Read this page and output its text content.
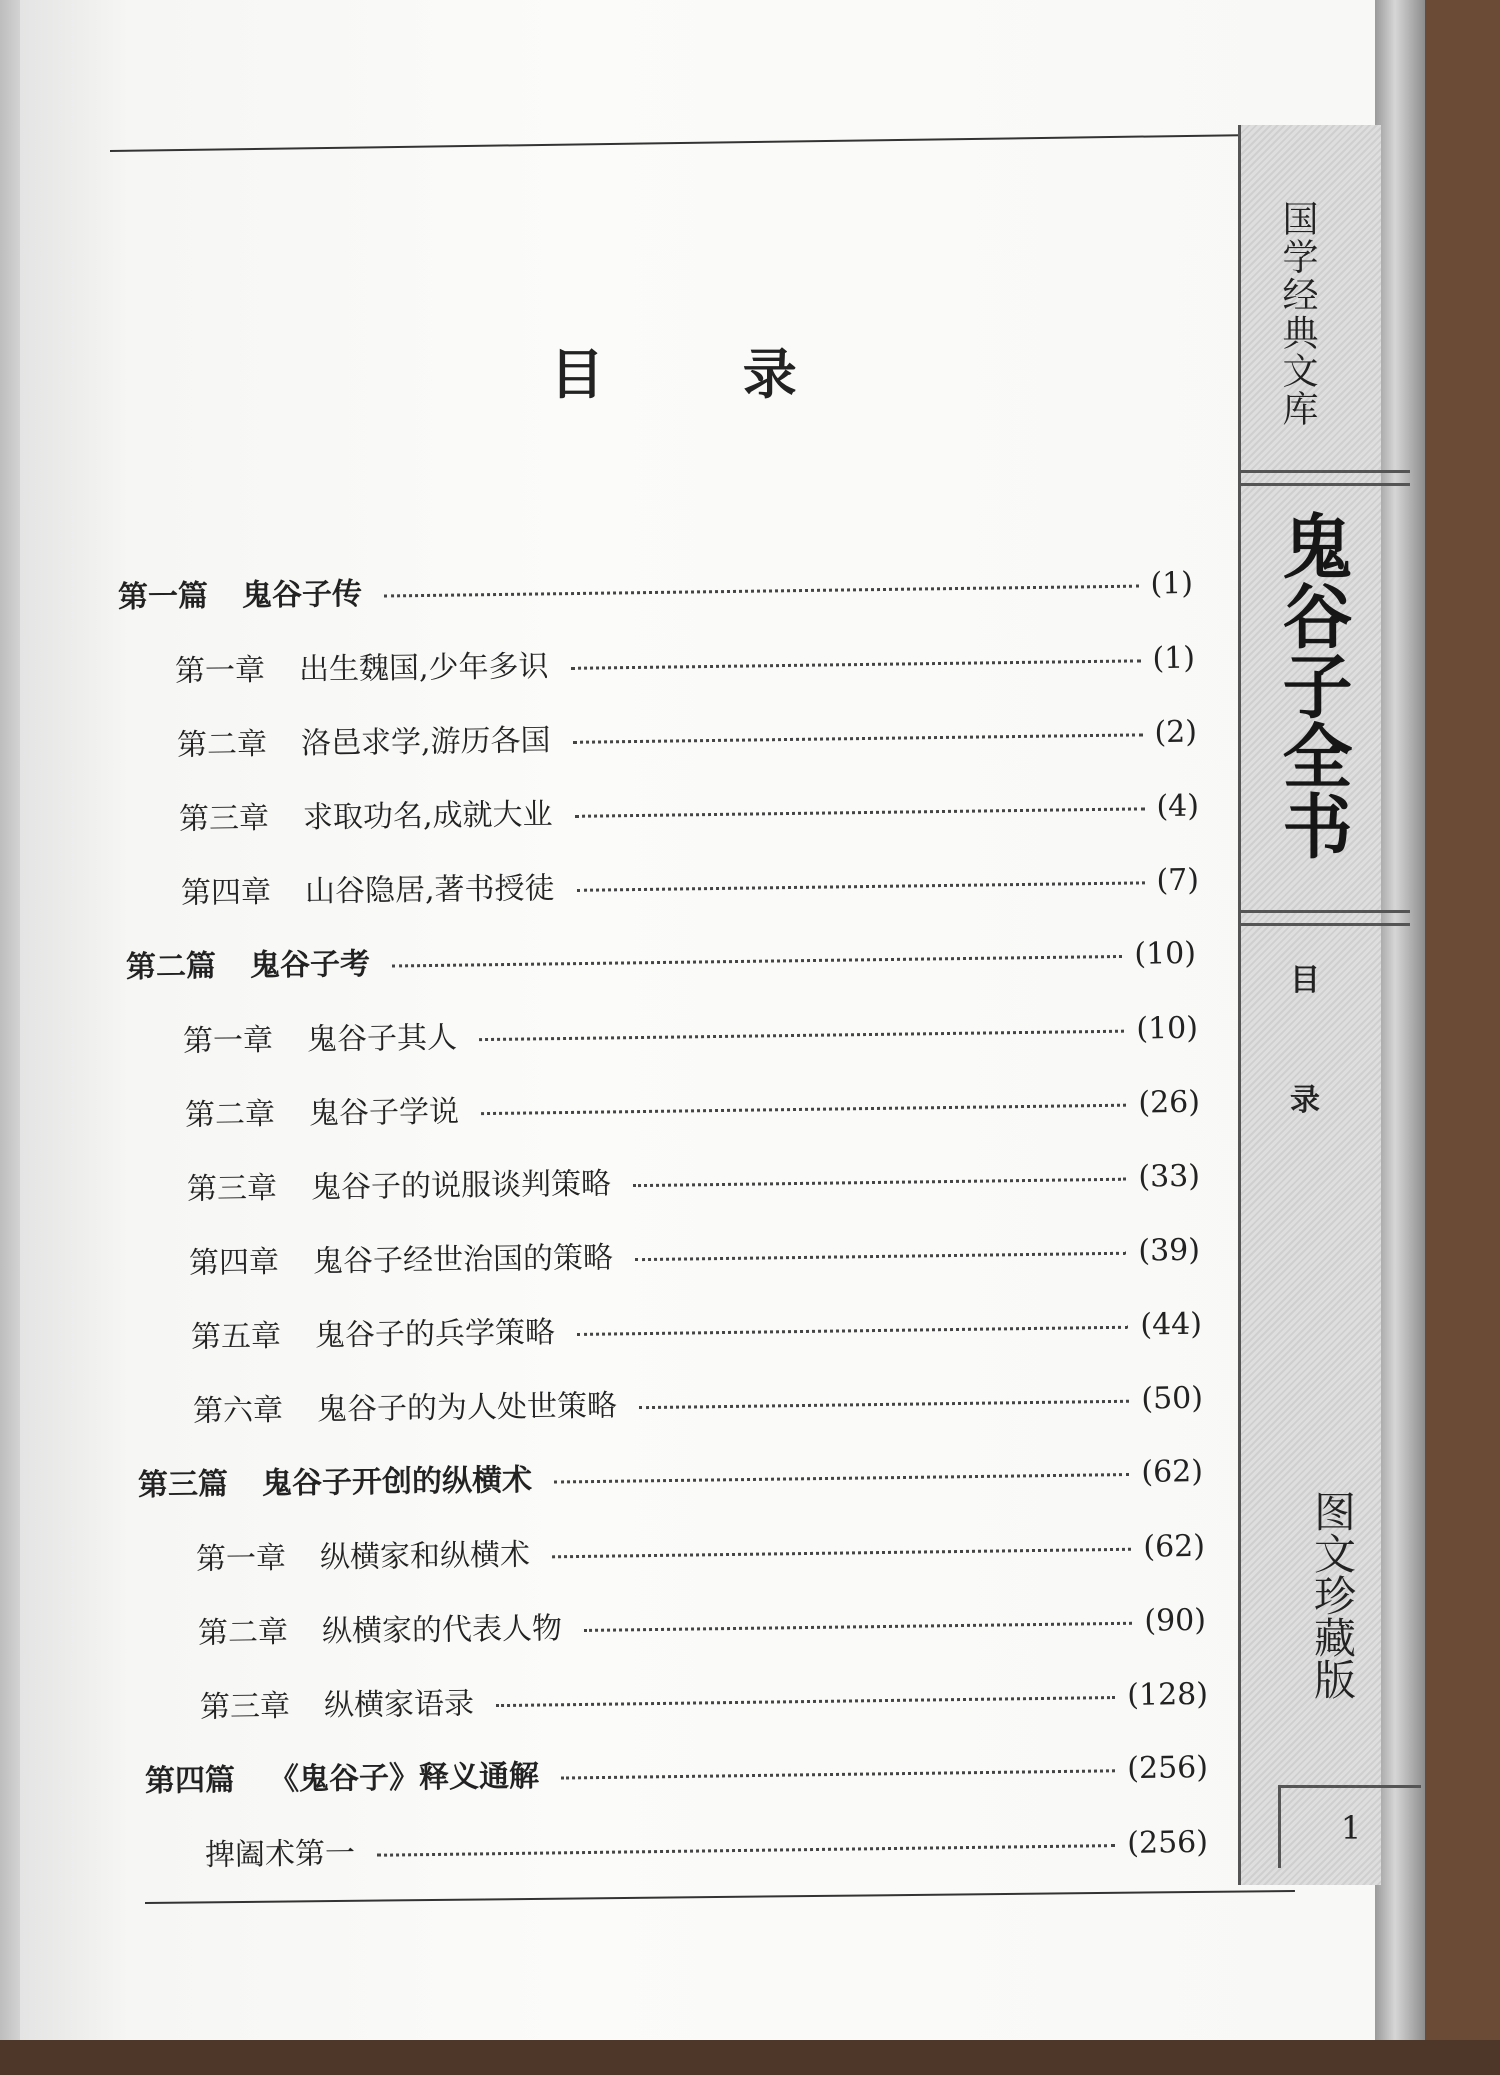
目 录
第一篇 鬼谷子传	(1)
第一章 出生魏国,少年多识	(1)
第二章 洛邑求学,游历各国	(2)
第三章 求取功名,成就大业	(4)
第四章 山谷隐居,著书授徒	(7)
第二篇 鬼谷子考	(10)
第一章 鬼谷子其人	(10)
第二章 鬼谷子学说	(26)
第三章 鬼谷子的说服谈判策略	(33)
第四章 鬼谷子经世治国的策略	(39)
第五章 鬼谷子的兵学策略	(44)
第六章 鬼谷子的为人处世策略	(50)
第三篇 鬼谷子开创的纵横术	(62)
第一章 纵横家和纵横术	(62)
第二章 纵横家的代表人物	(90)
第三章 纵横家语录	(128)
第四篇 《鬼谷子》释义通解	(256)
捭阖术第一	(256)
国学经典文库
鬼谷子全书
目
录
图文珍藏版
1
